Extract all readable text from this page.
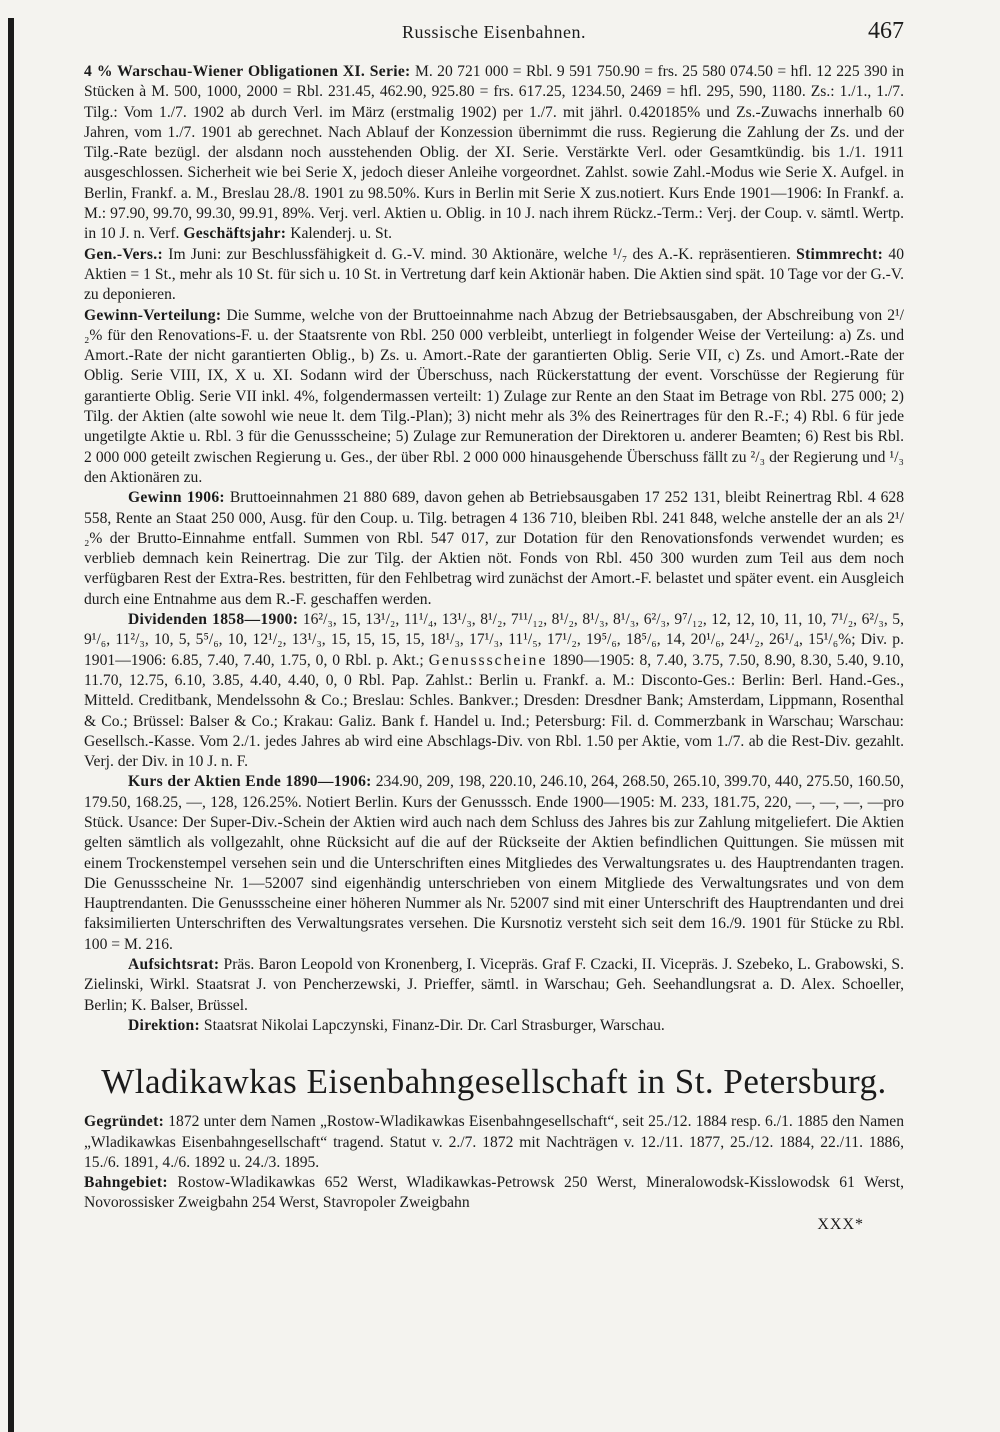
Russische Eisenbahnen.	467

4 % Warschau-Wiener Obligationen XI. Serie: M. 20 721 000 = Rbl. 9 591 750.90 = frs. 25 580 074.50 = hfl. 12 225 390 in Stücken à M. 500, 1000, 2000 = Rbl. 231.45, 462.90, 925.80 = frs. 617.25, 1234.50, 2469 = hfl. 295, 590, 1180. Zs.: 1./1., 1./7. Tilg.: Vom 1./7. 1902 ab durch Verl. im März (erstmalig 1902) per 1./7. mit jährl. 0.420185% und Zs.-Zuwachs innerhalb 60 Jahren, vom 1./7. 1901 ab gerechnet. Nach Ablauf der Konzession übernimmt die russ. Regierung die Zahlung der Zs. und der Tilg.-Rate bezügl. der alsdann noch ausstehenden Oblig. der XI. Serie. Verstärkte Verl. oder Gesamtkündig. bis 1./1. 1911 ausgeschlossen. Sicherheit wie bei Serie X, jedoch dieser Anleihe vorgeordnet. Zahlst. sowie Zahl.-Modus wie Serie X. Aufgel. in Berlin, Frankf. a. M., Breslau 28./8. 1901 zu 98.50%. Kurs in Berlin mit Serie X zus.notiert. Kurs Ende 1901—1906: In Frankf. a. M.: 97.90, 99.70, 99.30, 99.91, 89%. Verj. verl. Aktien u. Oblig. in 10 J. nach ihrem Rückz.-Term.: Verj. der Coup. v. sämtl. Wertp. in 10 J. n. Verf. Geschäftsjahr: Kalenderj. u. St.

Gen.-Vers.: Im Juni: zur Beschlussfähigkeit d. G.-V. mind. 30 Aktionäre, welche ¹/₇ des A.-K. repräsentieren. Stimmrecht: 40 Aktien = 1 St., mehr als 10 St. für sich u. 10 St. in Vertretung darf kein Aktionär haben. Die Aktien sind spät. 10 Tage vor der G.-V. zu deponieren.

Gewinn-Verteilung: Die Summe, welche von der Bruttoeinnahme nach Abzug der Betriebsausgaben, der Abschreibung von 2¹/₂% für den Renovations-F. u. der Staatsrente von Rbl. 250 000 verbleibt, unterliegt in folgender Weise der Verteilung: a) Zs. und Amort.-Rate der nicht garantierten Oblig., b) Zs. u. Amort.-Rate der garantierten Oblig. Serie VII, c) Zs. und Amort.-Rate der Oblig. Serie VIII, IX, X u. XI. Sodann wird der Überschuss, nach Rückerstattung der event. Vorschüsse der Regierung für garantierte Oblig. Serie VII inkl. 4%, folgendermassen verteilt: 1) Zulage zur Rente an den Staat im Betrage von Rbl. 275 000; 2) Tilg. der Aktien (alte sowohl wie neue lt. dem Tilg.-Plan); 3) nicht mehr als 3% des Reinertrages für den R.-F.; 4) Rbl. 6 für jede ungetilgte Aktie u. Rbl. 3 für die Genussscheine; 5) Zulage zur Remuneration der Direktoren u. anderer Beamten; 6) Rest bis Rbl. 2 000 000 geteilt zwischen Regierung u. Ges., der über Rbl. 2 000 000 hinausgehende Überschuss fällt zu ²/₃ der Regierung und ¹/₃ den Aktionären zu.

Gewinn 1906: Bruttoeinnahmen 21 880 689, davon gehen ab Betriebsausgaben 17 252 131, bleibt Reinertrag Rbl. 4 628 558, Rente an Staat 250 000, Ausg. für den Coup. u. Tilg. betragen 4 136 710, bleiben Rbl. 241 848, welche anstelle der an als 2¹/₂% der Brutto-Einnahme entfall. Summen von Rbl. 547 017, zur Dotation für den Renovationsfonds verwendet wurden; es verblieb demnach kein Reinertrag. Die zur Tilg. der Aktien nöt. Fonds von Rbl. 450 300 wurden zum Teil aus dem noch verfügbaren Rest der Extra-Res. bestritten, für den Fehlbetrag wird zunächst der Amort.-F. belastet und später event. ein Ausgleich durch eine Entnahme aus dem R.-F. geschaffen werden.

Dividenden 1858—1900: 16²/₃, 15, 13¹/₂, 11¹/₄, 13¹/₃, 8¹/₂, 7¹¹/₁₂, 8¹/₂, 8¹/₃, 8¹/₃, 6²/₃, 9⁷/₁₂, 12, 12, 10, 11, 10, 7¹/₂, 6²/₃, 5, 9¹/₆, 11²/₃, 10, 5, 5⁵/₆, 10, 12¹/₂, 13¹/₃, 15, 15, 15, 15, 18¹/₃, 17¹/₃, 11¹/₅, 17¹/₂, 19⁵/₆, 18⁵/₆, 14, 20¹/₆, 24¹/₂, 26¹/₄, 15¹/₆%; Div. p. 1901—1906: 6.85, 7.40, 7.40, 1.75, 0, 0 Rbl. p. Akt.; Genussscheine 1890—1905: 8, 7.40, 3.75, 7.50, 8.90, 8.30, 5.40, 9.10, 11.70, 12.75, 6.10, 3.85, 4.40, 4.40, 0, 0 Rbl. Pap. Zahlst.: Berlin u. Frankf. a. M.: Disconto-Ges.: Berlin: Berl. Hand.-Ges., Mitteld. Creditbank, Mendelssohn & Co.; Breslau: Schles. Bankver.; Dresden: Dresdner Bank; Amsterdam, Lippmann, Rosenthal & Co.; Brüssel: Balser & Co.; Krakau: Galiz. Bank f. Handel u. Ind.; Petersburg: Fil. d. Commerzbank in Warschau; Warschau: Gesellsch.-Kasse. Vom 2./1. jedes Jahres ab wird eine Abschlags-Div. von Rbl. 1.50 per Aktie, vom 1./7. ab die Rest-Div. gezahlt. Verj. der Div. in 10 J. n. F.

Kurs der Aktien Ende 1890—1906: 234.90, 209, 198, 220.10, 246.10, 264, 268.50, 265.10, 399.70, 440, 275.50, 160.50, 179.50, 168.25, —, 128, 126.25%. Notiert Berlin. Kurs der Genusssch. Ende 1900—1905: M. 233, 181.75, 220, —, —, —, —pro Stück. Usance: Der Super-Div.-Schein der Aktien wird auch nach dem Schluss des Jahres bis zur Zahlung mitgeliefert. Die Aktien gelten sämtlich als vollgezahlt, ohne Rücksicht auf die auf der Rückseite der Aktien befindlichen Quittungen. Sie müssen mit einem Trockenstempel versehen sein und die Unterschriften eines Mitgliedes des Verwaltungsrates u. des Hauptrendanten tragen. Die Genussscheine Nr. 1—52007 sind eigenhändig unterschrieben von einem Mitgliede des Verwaltungsrates und von dem Hauptrendanten. Die Genussscheine einer höheren Nummer als Nr. 52007 sind mit einer Unterschrift des Hauptrendanten und drei faksimilierten Unterschriften des Verwaltungsrates versehen. Die Kursnotiz versteht sich seit dem 16./9. 1901 für Stücke zu Rbl. 100 = M. 216.

Aufsichtsrat: Präs. Baron Leopold von Kronenberg, I. Vicepräs. Graf F. Czacki, II. Vicepräs. J. Szebeko, L. Grabowski, S. Zielinski, Wirkl. Staatsrat J. von Pencherzewski, J. Prieffer, sämtl. in Warschau; Geh. Seehandlungsrat a. D. Alex. Schoeller, Berlin; K. Balser, Brüssel.

Direktion: Staatsrat Nikolai Lapczynski, Finanz-Dir. Dr. Carl Strasburger, Warschau.

Wladikawkas Eisenbahngesellschaft in St. Petersburg.

Gegründet: 1872 unter dem Namen „Rostow-Wladikawkas Eisenbahngesellschaft“, seit 25./12. 1884 resp. 6./1. 1885 den Namen „Wladikawkas Eisenbahngesellschaft“ tragend. Statut v. 2./7. 1872 mit Nachträgen v. 12./11. 1877, 25./12. 1884, 22./11. 1886, 15./6. 1891, 4./6. 1892 u. 24./3. 1895.

Bahngebiet: Rostow-Wladikawkas 652 Werst, Wladikawkas-Petrowsk 250 Werst, Mineralowodsk-Kisslowodsk 61 Werst, Novorossisker Zweigbahn 254 Werst, Stavropoler Zweigbahn

XXX*
